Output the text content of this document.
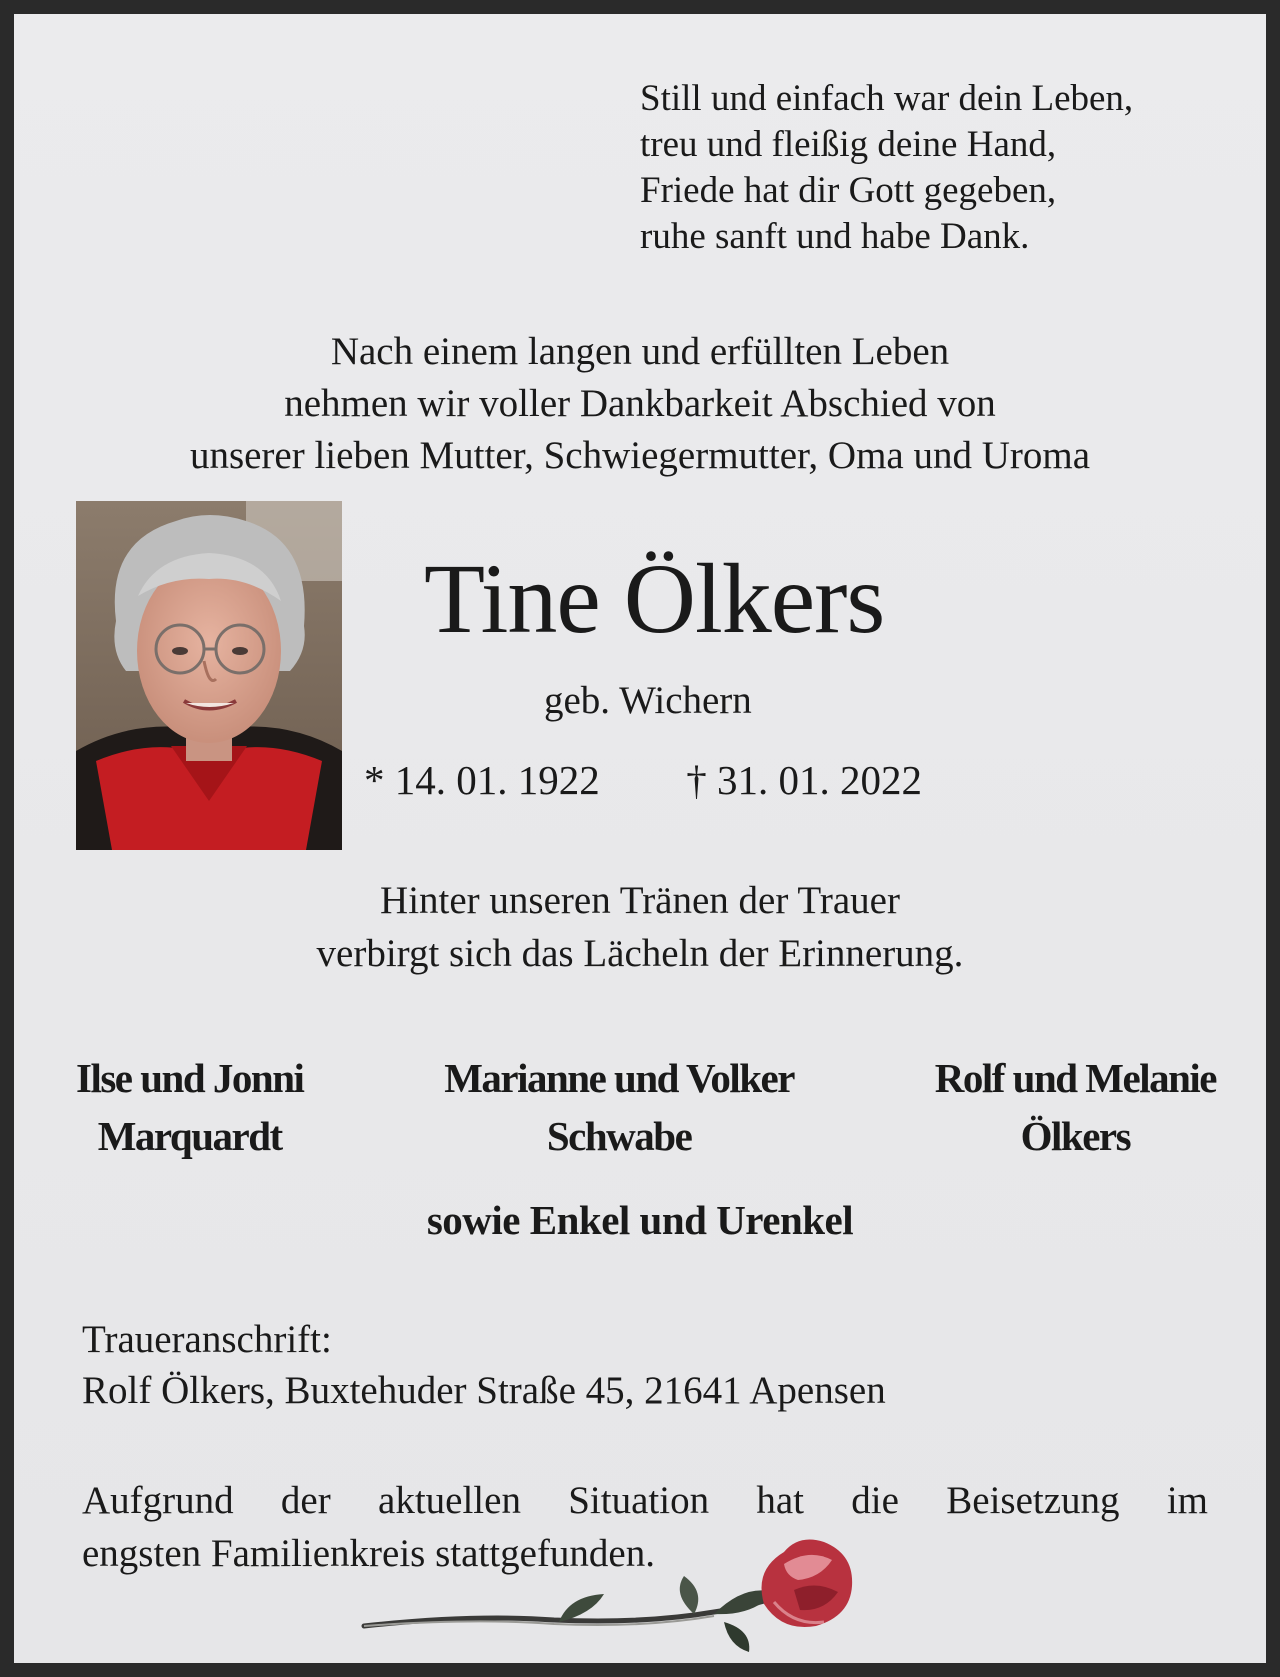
Still und einfach war dein Leben,
treu und fleißig deine Hand,
Friede hat dir Gott gegeben,
ruhe sanft und habe Dank.
Nach einem langen und erfüllten Leben
nehmen wir voller Dankbarkeit Abschied von
unserer lieben Mutter, Schwiegermutter, Oma und Uroma
Tine Ölkers
geb. Wichern
* 14. 01. 1922 † 31. 01. 2022
Hinter unseren Tränen der Trauer
verbirgt sich das Lächeln der Erinnerung.
Ilse und Jonni
Marquardt
Marianne und Volker
Schwabe
Rolf und Melanie
Ölkers
sowie Enkel und Urenkel
Traueranschrift:
Rolf Ölkers, Buxtehuder Straße 45, 21641 Apensen
Aufgrund der aktuellen Situation hat die Beisetzung im
engsten Familienkreis stattgefunden.
